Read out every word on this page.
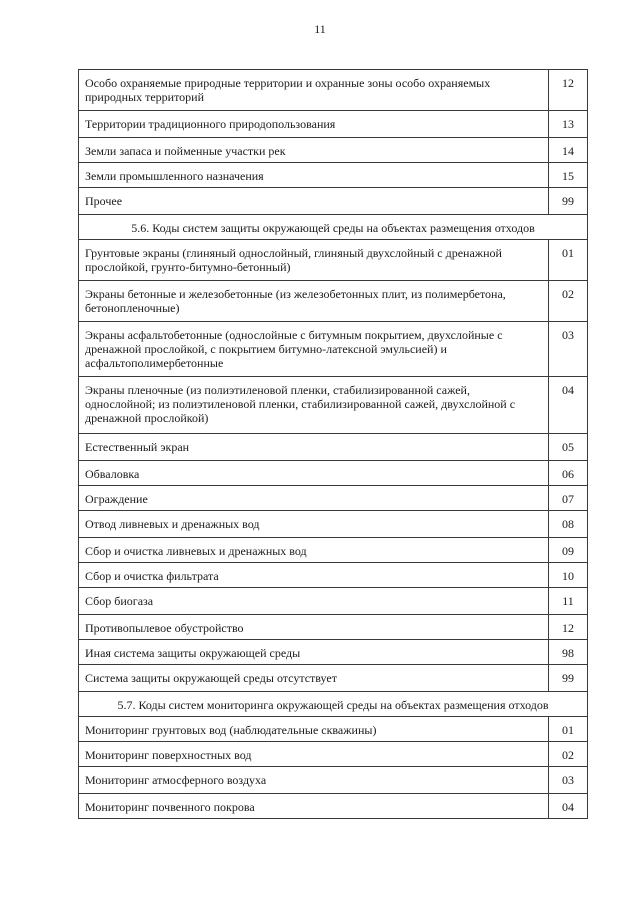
11
Особо охраняемые природные территории и охранные зоны особо охраняемых природных территорий	12
Территории традиционного природопользования	13
Земли запаса и пойменные участки рек	14
Земли промышленного назначения	15
Прочее	99
5.6. Коды систем защиты окружающей среды на объектах размещения отходов	
Грунтовые экраны (глиняный однослойный, глиняный двухслойный с дренажной прослойкой, грунто-битумно-бетонный)	01
Экраны бетонные и железобетонные (из железобетонных плит, из полимербетона, бетонопленочные)	02
Экраны асфальтобетонные (однослойные с битумным покрытием, двухслойные с дренажной прослойкой, с покрытием битумно-латексной эмульсией) и асфальтополимербетонные	03
Экраны пленочные (из полиэтиленовой пленки, стабилизированной сажей, однослойной; из полиэтиленовой пленки, стабилизированной сажей, двухслойной с дренажной прослойкой)	04
Естественный экран	05
Обваловка	06
Ограждение	07
Отвод ливневых и дренажных вод	08
Сбор и очистка ливневых и дренажных вод	09
Сбор и очистка фильтрата	10
Сбор биогаза	11
Противопылевое обустройство	12
Иная система защиты окружающей среды	98
Система защиты окружающей среды отсутствует	99
5.7. Коды систем мониторинга окружающей среды на объектах размещения отходов	
Мониторинг грунтовых вод (наблюдательные скважины)	01
Мониторинг поверхностных вод	02
Мониторинг атмосферного воздуха	03
Мониторинг почвенного покрова	04
